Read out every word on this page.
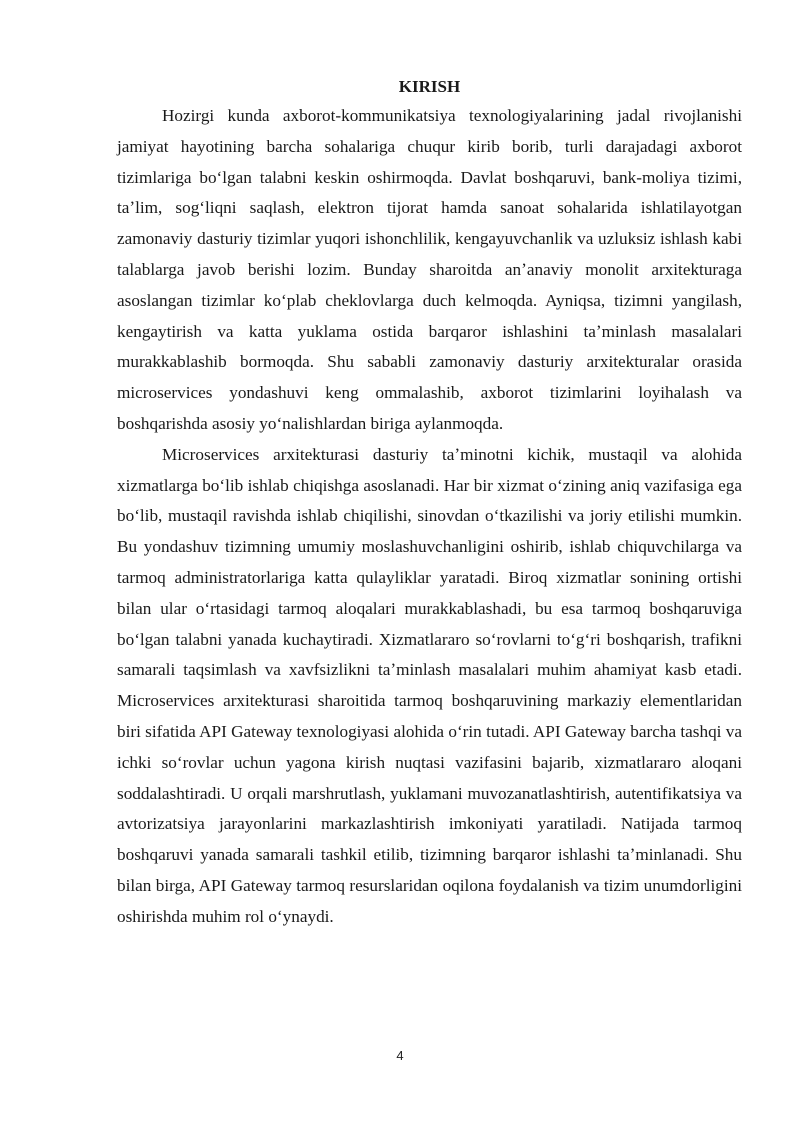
KIRISH

Hozirgi kunda axborot-kommunikatsiya texnologiyalarining jadal rivojlanishi jamiyat hayotining barcha sohalariga chuqur kirib borib, turli darajadagi axborot tizimlariga boʻlgan talabni keskin oshirmoqda. Davlat boshqaruvi, bank-moliya tizimi, taʼlim, sogʻliqni saqlash, elektron tijorat hamda sanoat sohalarida ishlatilayotgan zamonaviy dasturiy tizimlar yuqori ishonchlilik, kengayuvchanlik va uzluksiz ishlash kabi talablarga javob berishi lozim. Bunday sharoitda anʼanaviy monolit arxitekturaga asoslangan tizimlar koʻplab cheklovlarga duch kelmoqda. Ayniqsa, tizimni yangilash, kengaytirish va katta yuklama ostida barqaror ishlashini taʼminlash masalalari murakkablashib bormoqda. Shu sababli zamonaviy dasturiy arxitekturalar orasida microservices yondashuvi keng ommalashib, axborot tizimlarini loyihalash va boshqarishda asosiy yoʻnalishlardan biriga aylanmoqda.

Microservices arxitekturasi dasturiy taʼminotni kichik, mustaqil va alohida xizmatlarga boʻlib ishlab chiqishga asoslanadi. Har bir xizmat oʻzining aniq vazifasiga ega boʻlib, mustaqil ravishda ishlab chiqilishi, sinovdan oʻtkazilishi va joriy etilishi mumkin. Bu yondashuv tizimning umumiy moslashuvchanligini oshirib, ishlab chiquvchilarga va tarmoq administratorlariga katta qulayliklar yaratadi. Biroq xizmatlar sonining ortishi bilan ular oʻrtasidagi tarmoq aloqalari murakkablashadi, bu esa tarmoq boshqaruviga boʻlgan talabni yanada kuchaytiradi. Xizmatlararo soʻrovlarni toʻgʻri boshqarish, trafikni samarali taqsimlash va xavfsizlikni taʼminlash masalalari muhim ahamiyat kasb etadi. Microservices arxitekturasi sharoitida tarmoq boshqaruvining markaziy elementlaridan biri sifatida API Gateway texnologiyasi alohida oʻrin tutadi. API Gateway barcha tashqi va ichki soʻrovlar uchun yagona kirish nuqtasi vazifasini bajarib, xizmatlararo aloqani soddalashtiradi. U orqali marshrutlash, yuklamani muvozanatlashtirish, autentifikatsiya va avtorizatsiya jarayonlarini markazlashtirish imkoniyati yaratiladi. Natijada tarmoq boshqaruvi yanada samarali tashkil etilib, tizimning barqaror ishlashi taʼminlanadi. Shu bilan birga, API Gateway tarmoq resurslaridan oqilona foydalanish va tizim unumdorligini oshirishda muhim rol oʻynaydi.

4
